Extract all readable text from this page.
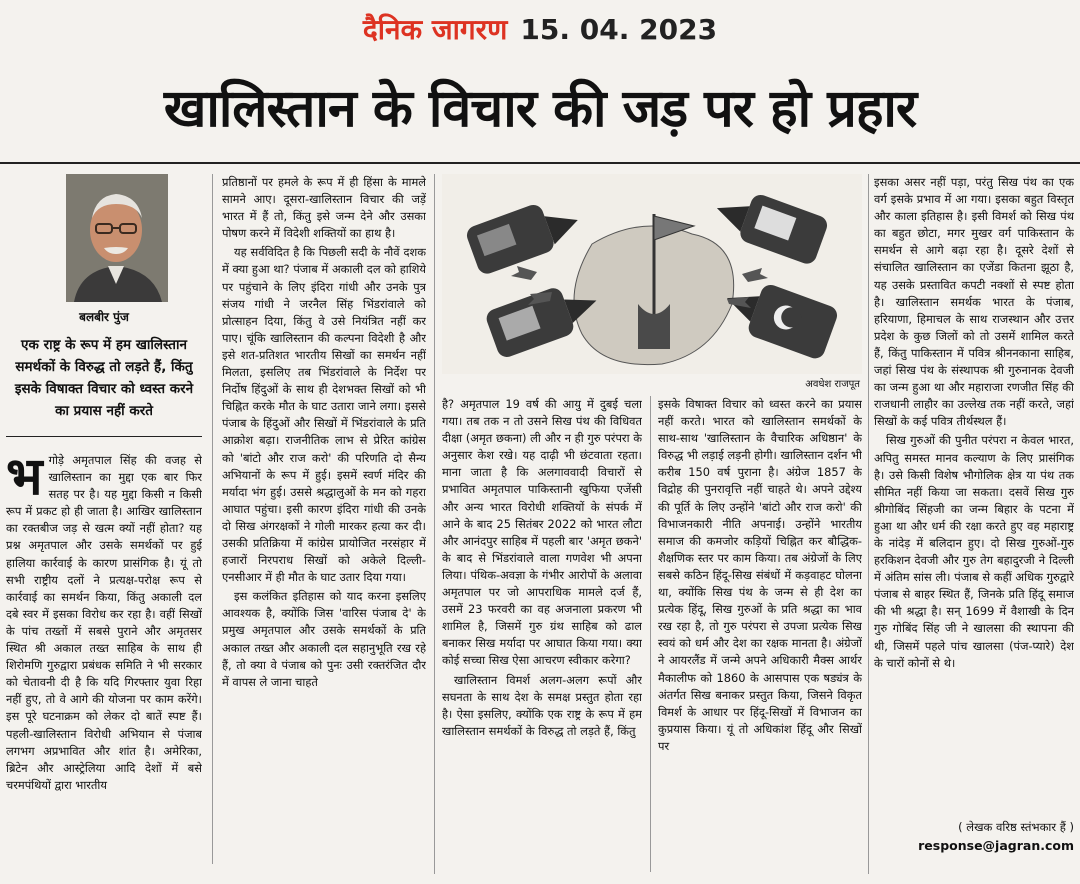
दैनिक जागरण 15. 04. 2023
खालिस्तान के विचार की जड़ पर हो प्रहार
बलबीर पुंज
एक राष्ट्र के रूप में हम खालिस्तान समर्थकों के विरुद्ध तो लड़ते हैं, किंतु इसके विषाक्त विचार को ध्वस्त करने का प्रयास नहीं करते
भ गोड़े अमृतपाल सिंह की वजह से खालिस्तान का मुद्दा एक बार फिर सतह पर है। यह मुद्दा किसी न किसी रूप में प्रकट हो ही जाता है। आखिर खालिस्तान का रक्तबीज जड़ से खत्म क्यों नहीं होता? यह प्रश्न अमृतपाल और उसके समर्थकों पर हुई हालिया कार्रवाई के कारण प्रासंगिक है। यूं तो सभी राष्ट्रीय दलों ने प्रत्यक्ष-परोक्ष रूप से कार्रवाई का समर्थन किया, किंतु अकाली दल दबे स्वर में इसका विरोध कर रहा है। वहीं सिखों के पांच तख्तों में सबसे पुराने और अमृतसर स्थित श्री अकाल तख्त साहिब के साथ ही शिरोमणि गुरुद्वारा प्रबंधक समिति ने भी सरकार को चेतावनी दी है कि यदि गिरफ्तार युवा रिहा नहीं हुए, तो वे आगे की योजना पर काम करेंगे। इस पूरे घटनाक्रम को लेकर दो बातें स्पष्ट हैं। पहली-खालिस्तान विरोधी अभियान से पंजाब लगभग अप्रभावित और शांत है। अमेरिका, ब्रिटेन और आस्ट्रेलिया आदि देशों में बसे चरमपंथियों द्वारा भारतीय

प्रतिष्ठानों पर हमले के रूप में ही हिंसा के मामले सामने आए। दूसरा-खालिस्तान विचार की जड़ें भारत में हैं तो, किंतु इसे जन्म देने और उसका पोषण करने में विदेशी शक्तियों का हाथ है।

यह सर्वविदित है कि पिछली सदी के नौवें दशक में क्या हुआ था? पंजाब में अकाली दल को हाशिये पर पहुंचाने के लिए इंदिरा गांधी और उनके पुत्र संजय गांधी ने जरनैल सिंह भिंडरांवाले को प्रोत्साहन दिया, किंतु वे उसे नियंत्रित नहीं कर पाए। चूंकि खालिस्तान की कल्पना विदेशी है और इसे शत-प्रतिशत भारतीय सिखों का समर्थन नहीं मिलता, इसलिए तब भिंडरांवाले के निर्देश पर निर्दोष हिंदुओं के साथ ही देशभक्त सिखों को भी चिह्नित करके मौत के घाट उतारा जाने लगा। इससे पंजाब के हिंदुओं और सिखों में भिंडरांवाले के प्रति आक्रोश बढ़ा। राजनीतिक लाभ से प्रेरित कांग्रेस को 'बांटो और राज करो' की परिणति दो सैन्य अभियानों के रूप में हुई। इसमें स्वर्ण मंदिर की मर्यादा भंग हुई। उससे श्रद्धालुओं के मन को गहरा आघात पहुंचा। इसी कारण इंदिरा गांधी की उनके दो सिख अंगरक्षकों ने गोली मारकर हत्या कर दी। उसकी प्रतिक्रिया में कांग्रेस प्रायोजित नरसंहार में हजारों निरपराध सिखों को अकेले दिल्ली-एनसीआर में ही मौत के घाट उतार दिया गया।

इस कलंकित इतिहास को याद करना इसलिए आवश्यक है, क्योंकि जिस 'वारिस पंजाब दे' के प्रमुख अमृतपाल और उसके समर्थकों के प्रति अकाल तख्त और अकाली दल सहानुभूति रख रहे हैं, तो क्या वे पंजाब को पुनः उसी रक्तरंजित दौर में वापस ले जाना चाहते

अवधेश राजपूत

है? अमृतपाल 19 वर्ष की आयु में दुबई चला गया। तब तक न तो उसने सिख पंथ की विधिवत दीक्षा (अमृत छकना) ली और न ही गुरु परंपरा के अनुसार केश रखे। यह दाढ़ी भी छंटवाता रहता। माना जाता है कि अलगाववादी विचारों से प्रभावित अमृतपाल पाकिस्तानी खुफिया एजेंसी और अन्य भारत विरोधी शक्तियों के संपर्क में आने के बाद 25 सितंबर 2022 को भारत लौटा और आनंदपुर साहिब में पहली बार 'अमृत छकने' के बाद से भिंडरांवाले वाला गणवेश भी अपना लिया। पंथिक-अवज्ञा के गंभीर आरोपों के अलावा अमृतपाल पर जो आपराधिक मामले दर्ज हैं, उसमें 23 फरवरी का वह अजनाला प्रकरण भी शामिल है, जिसमें गुरु ग्रंथ साहिब को ढाल बनाकर सिख मर्यादा पर आघात किया गया। क्या कोई सच्चा सिख ऐसा आचरण स्वीकार करेगा?

खालिस्तान विमर्श अलग-अलग रूपों और सघनता के साथ देश के समक्ष प्रस्तुत होता रहा है। ऐसा इसलिए, क्योंकि एक राष्ट्र के रूप में हम खालिस्तान समर्थकों के विरुद्ध तो लड़ते हैं, किंतु

इसके विषाक्त विचार को ध्वस्त करने का प्रयास नहीं करते। भारत को खालिस्तान समर्थकों के साथ-साथ 'खालिस्तान के वैचारिक अधिष्ठान' के विरुद्ध भी लड़ाई लड़नी होगी। खालिस्तान दर्शन भी करीब 150 वर्ष पुराना है। अंग्रेज 1857 के विद्रोह की पुनरावृत्ति नहीं चाहते थे। अपने उद्देश्य की पूर्ति के लिए उन्होंने 'बांटो और राज करो' की विभाजनकारी नीति अपनाई। उन्होंने भारतीय समाज की कमजोर कड़ियों चिह्नित कर बौद्धिक-शैक्षणिक स्तर पर काम किया। तब अंग्रेजों के लिए सबसे कठिन हिंदू-सिख संबंधों में कड़वाहट घोलना था, क्योंकि सिख पंथ के जन्म से ही देश का प्रत्येक हिंदू, सिख गुरुओं के प्रति श्रद्धा का भाव रख रहा है, तो गुरु परंपरा से उपजा प्रत्येक सिख स्वयं को धर्म और देश का रक्षक मानता है। अंग्रेजों ने आयरलैंड में जन्मे अपने अधिकारी मैक्स आर्थर मैकालीफ को 1860 के आसपास एक षड्यंत्र के अंतर्गत सिख बनाकर प्रस्तुत किया, जिसने विकृत विमर्श के आधार पर हिंदू-सिखों में विभाजन का कुप्रयास किया। यूं तो अधिकांश हिंदू और सिखों पर

इसका असर नहीं पड़ा, परंतु सिख पंथ का एक वर्ग इसके प्रभाव में आ गया। इसका बहुत विस्तृत और काला इतिहास है। इसी विमर्श को सिख पंथ का बहुत छोटा, मगर मुखर वर्ग पाकिस्तान के समर्थन से आगे बढ़ा रहा है। दूसरे देशों से संचालित खालिस्तान का एजेंडा कितना झूठा है, यह उसके प्रस्तावित कपटी नक्शों से स्पष्ट होता है। खालिस्तान समर्थक भारत के पंजाब, हरियाणा, हिमाचल के साथ राजस्थान और उत्तर प्रदेश के कुछ जिलों को तो उसमें शामिल करते हैं, किंतु पाकिस्तान में पवित्र श्रीननकाना साहिब, जहां सिख पंथ के संस्थापक श्री गुरुनानक देवजी का जन्म हुआ था और महाराजा रणजीत सिंह की राजधानी लाहौर का उल्लेख तक नहीं करते, जहां सिखों के कई पवित्र तीर्थस्थल हैं।

सिख गुरुओं की पुनीत परंपरा न केवल भारत, अपितु समस्त मानव कल्याण के लिए प्रासंगिक है। उसे किसी विशेष भौगोलिक क्षेत्र या पंथ तक सीमित नहीं किया जा सकता। दसवें सिख गुरु श्रीगोबिंद सिंहजी का जन्म बिहार के पटना में हुआ था और धर्म की रक्षा करते हुए वह महाराष्ट्र के नांदेड़ में बलिदान हुए। दो सिख गुरुओं-गुरु हरकिशन देवजी और गुरु तेग बहादुरजी ने दिल्ली में अंतिम सांस ली। पंजाब से कहीं अधिक गुरुद्वारे पंजाब से बाहर स्थित हैं, जिनके प्रति हिंदू समाज की भी श्रद्धा है। सन् 1699 में वैशाखी के दिन गुरु गोबिंद सिंह जी ने खालसा की स्थापना की थी, जिसमें पहले पांच खालसा (पंज-प्यारे) देश के चारों कोनों से थे।

( लेखक वरिष्ठ स्तंभकार हैं )
response@jagran.com
